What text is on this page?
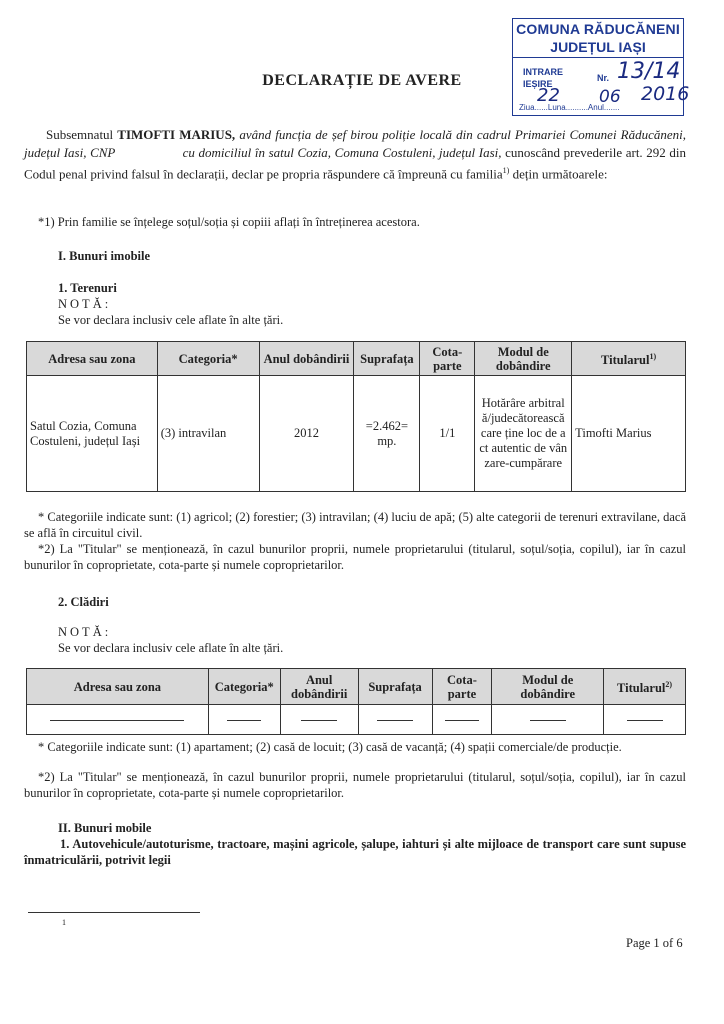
COMUNA RĂDUCĂNENI
JUDEȚUL IAȘI
INTRARE
IEȘIRE
Nr. 13/14
22 06 2016
Ziua......Luna..........Anul.......
DECLARAȚIE DE AVERE
Subsemnatul TIMOFTI MARIUS, având funcția de șef birou poliție locală din cadrul Primariei Comunei Răducăneni, județul Iasi, CNP	cu domiciliul în satul Cozia, Comuna Costuleni, județul Iasi, cunoscând prevederile art. 292 din Codul penal privind falsul în declarații, declar pe propria răspundere că împreună cu familia$^{1)}$ dețin următoarele:
*1) Prin familie se înțelege soțul/soția și copiii aflați în întreținerea acestora.
I. Bunuri imobile
1. Terenuri
NOTĂ:
Se vor declara inclusiv cele aflate în alte țări.
Adresa sau zona	Categoria*	Anul dobândirii	Suprafața	Cota-parte	Modul de dobândire	Titularul$^{1)}$
Satul Cozia, Comuna Costuleni, județul Iași	(3) intravilan	2012	=2.462= mp.	1/1	Hotărâre arbitrală/judecătorească care ține loc de act autentic de vânzare-cumpărare	Timofti Marius
* Categoriile indicate sunt: (1) agricol; (2) forestier; (3) intravilan; (4) luciu de apă; (5) alte categorii de terenuri extravilane, dacă se află în circuitul civil.
*2) La "Titular" se menționează, în cazul bunurilor proprii, numele proprietarului (titularul, soțul/soția, copilul), iar în cazul bunurilor în coproprietate, cota-parte și numele coproprietarilor.
2. Clădiri
NOTĂ:
Se vor declara inclusiv cele aflate în alte țări.
Adresa sau zona	Categoria*	Anul dobândirii	Suprafața	Cota-parte	Modul de dobândire	Titularul$^{2)}$

* Categoriile indicate sunt: (1) apartament; (2) casă de locuit; (3) casă de vacanță; (4) spații comerciale/de producție.
*2) La "Titular" se menționează, în cazul bunurilor proprii, numele proprietarului (titularul, soțul/soția, copilul), iar în cazul bunurilor în coproprietate, cota-parte și numele coproprietarilor.
II. Bunuri mobile
1. Autovehicule/autoturisme, tractoare, mașini agricole, șalupe, iahturi și alte mijloace de transport care sunt supuse înmatriculării, potrivit legii
1
Page 1 of 6
